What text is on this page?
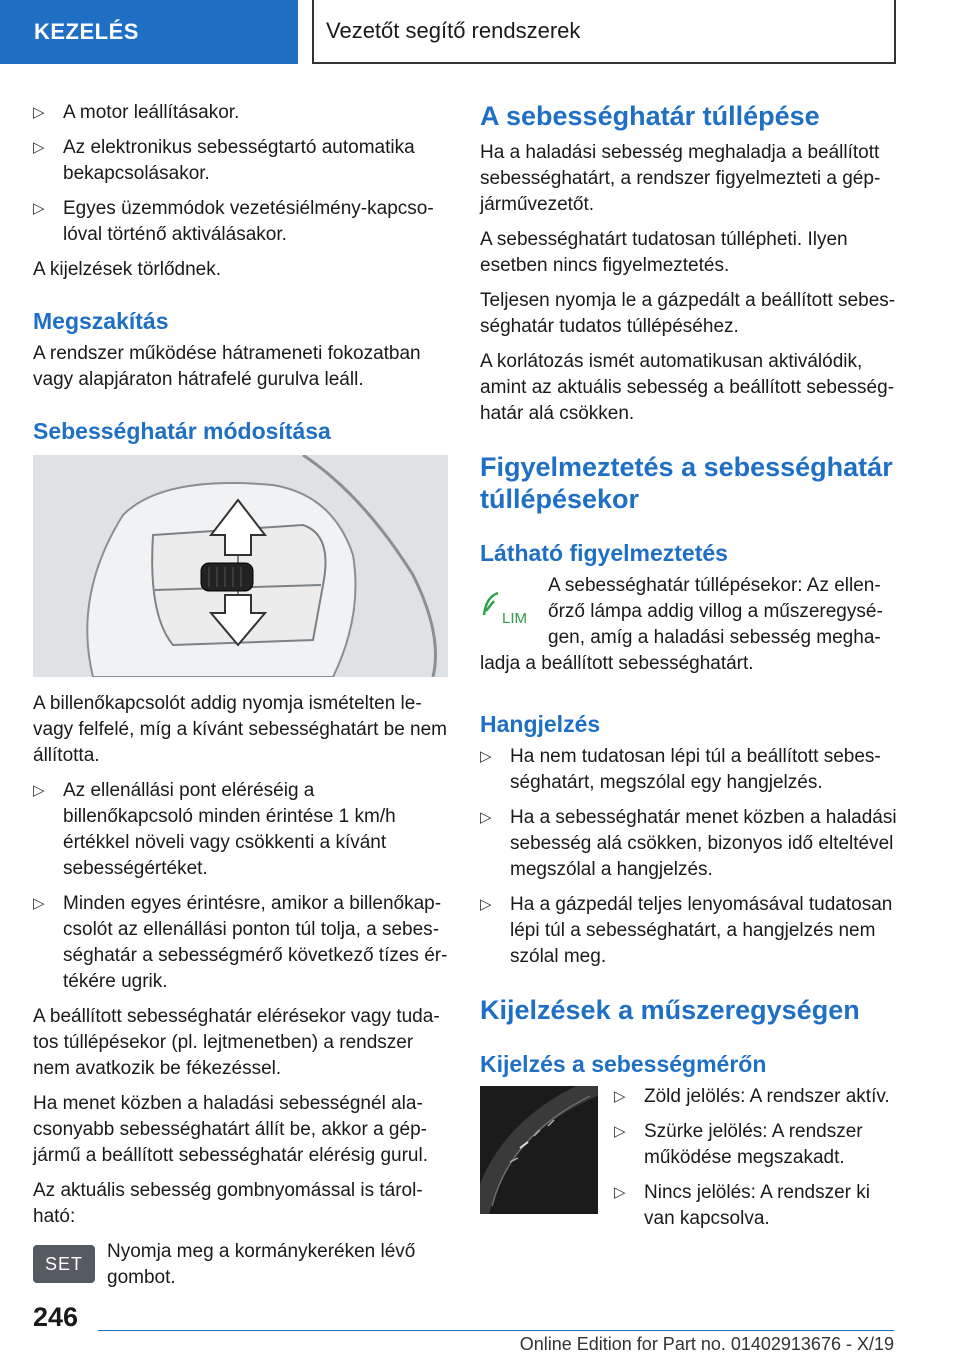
KEZELÉS	Vezetőt segítő rendszerek
▷ A motor leállításakor.
▷ Az elektronikus sebességtartó automatika bekapcsolásakor.
▷ Egyes üzemmódok vezetésiélmény-kapcsolóval történő aktiválásakor.

A kijelzések törlődnek.

Megszakítás

A rendszer működése hátrameneti fokozatban vagy alapjáraton hátrafelé gurulva leáll.

Sebességhatár módosítása

A billenőkapcsolót addig nyomja ismételten le- vagy felfelé, míg a kívánt sebességhatárt be nem állította.

▷ Az ellenállási pont eléréséig a billenőkapcsoló minden érintése 1 km/h értékkel növeli vagy csökkenti a kívánt sebességértéket.
▷ Minden egyes érintésre, amikor a billenőkapcsolót az ellenállási ponton túl tolja, a sebességhatár a sebességmérő következő tízes értékére ugrik.

A beállított sebességhatár elérésekor vagy tudatos túllépésekor (pl. lejtmenetben) a rendszer nem avatkozik be fékezéssel.

Ha menet közben a haladási sebességnél alacsonyabb sebességhatárt állít be, akkor a gépjármű a beállított sebességhatár elérésig gurul.

Az aktuális sebesség gombnyomással is tárolható:

SET

Nyomja meg a kormánykeréken lévő gombot.

A sebességhatár túllépése

Ha a haladási sebesség meghaladja a beállított sebességhatárt, a rendszer figyelmezteti a gépjárművezetőt.

A sebességhatárt tudatosan túllépheti. Ilyen esetben nincs figyelmeztetés.

Teljesen nyomja le a gázpedált a beállított sebességhatár tudatos túllépéséhez.

A korlátozás ismét automatikusan aktiválódik, amint az aktuális sebesség a beállított sebességhatár alá csökken.

Figyelmeztetés a sebességhatár túllépésekor
Látható figyelmeztetés
LIM

A sebességhatár túllépésekor: Az ellenőrző lámpa addig villog a műszeregységen, amíg a haladási sebesség meghaladja a beállított sebességhatárt.

Hangjelzés
▷ Ha nem tudatosan lépi túl a beállított sebességhatárt, megszólal egy hangjelzés.
▷ Ha a sebességhatár menet közben a haladási sebesség alá csökken, bizonyos idő elteltével megszólal a hangjelzés.
▷ Ha a gázpedál teljes lenyomásával tudatosan lépi túl a sebességhatárt, a hangjelzés nem szólal meg.
Kijelzések a műszeregységen
Kijelzés a sebességmérőn
▷ Zöld jelölés: A rendszer aktív.
▷ Szürke jelölés: A rendszer működése megszakadt.
▷ Nincs jelölés: A rendszer ki van kapcsolva.
246
Online Edition for Part no. 01402913676 - X/19
